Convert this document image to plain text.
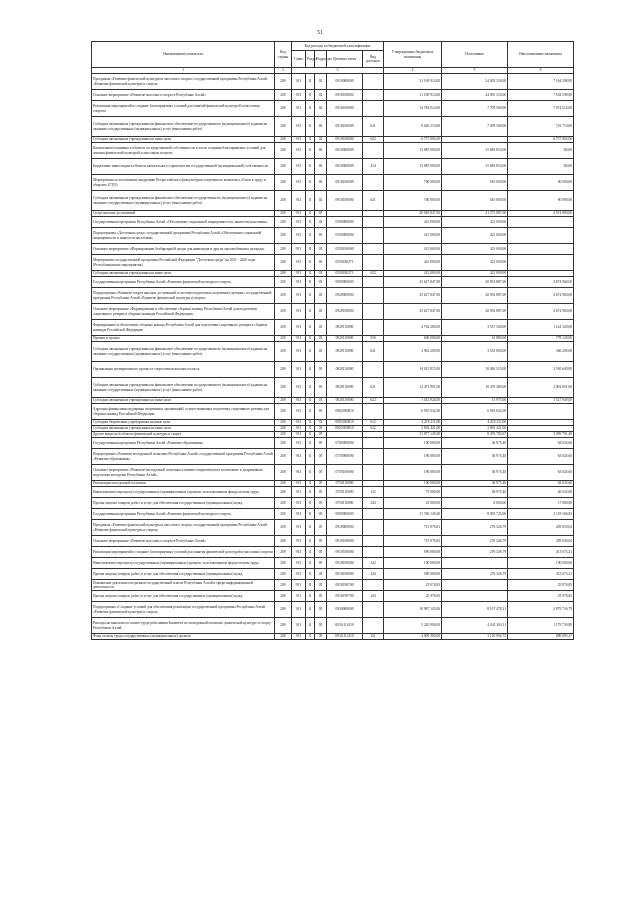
51
Наименование показателя	Код строки	Код расхода по бюджетной классификации					Утвержденные бюджетные назначения	Исполнение	Неисполненные назначения
		Глава	Раздел	Подраздел	Целевая статья	Вид расходов			
1	2	3					4	5	6
Программа «Развитие физической культуры и массового спорта» государственной программы Республики Алтай «Развитие физической культуры и спорта»	200	913	11	02	0910000000		31 169 914,00	24 005 316,00	7 164 598,00
Основное мероприятие «Развитие массового спорта в Республике Алтай»	200	913	11	02	0910100000		31 169 914,00	24 005 316,00	7 164 598,00
Реализация мероприятий и создание благоприятных условий для занятий физической культурой и массовым спортом	200	913	11	02	0910100000		14 784 014,00	7 709 500,00	7 074 514,00
Субсидии автономным учреждениям на финансовое обеспечение государственного (муниципального) задания на оказание государственных (муниципальных) услуг (выполнение работ)	200	913	11	02	0910100000	621	8 026 210,00	7 309 500,00	716 710,00
Субсидии автономным учреждениям на иные цели	200	913	11	02	0910100000	622	6 757 804,00		6 757 804,00
Капитальные вложения в объекты государственной собственности в части создания благоприятных условий для занятия физической культурой и массовым спортом	200	913	11	02	0910000000		15 685 900,00	15 685 816,00	84,00
Бюджетные инвестиции в объекты капитального строительства государственной (муниципальной) собственности	200	913	11	02	0910000000	414	15 685 900,00	15 685 816,00	84,00
Мероприятия по поэтапному внедрению Всероссийского физкультурно-спортивного комплекса «Готов к труду и обороне» (ГТО)	200	913	11	02	0910100000		700 000,00	610 000,00	90 000,00
Субсидии автономным учреждениям на финансовое обеспечение государственного (муниципального) задания на оказание государственных (муниципальных) услуг (выполнение работ)	200	913	11	02	0910100000	621	700 000,00	610 000,00	90 000,00
Спорт высших достижений	200	913	11	03			26 048 847,00	21 373 887,00	4 674 960,00
Государственная программа Республики Алтай «Обеспечение социальной защищенности и занятости населения»	200	913	11	03	0500000000		421 000,00	421 000,00	-
Подпрограмма «Доступная среда» государственной программы Республики Алтай «Обеспечение социальной защищенности и занятости населения»	200	913	11	03	0550000000		421 000,00	421 000,00	-
Основное мероприятие «Формирование безбарьерной среды для инвалидов и других маломобильных граждан»	200	913	11	03	0550100000		421 000,00	421 000,00	-
Мероприятия государственной программы Российской Федерации "Доступная среда" на 2011 - 2020 годы (Республиканские мероприятия)	200	913	11	03	0550180271		421 000,00	421 000,00	-
Субсидии автономным учреждениям на иные цели	200	913	11	03	0550180271	622	421 000,00	421 000,00	-
Государственная программа Республики Алтай «Развитие физической культуры и спорта»	200	913	11	03	0900000000		25 627 847,00	20 952 887,00	4 674 960,00
Подпрограмма «Развитие спорта высших достижений и системы подготовки спортивного резерва» государственной программы Республики Алтай «Развитие физической культуры и спорта»	200	913	11	03	0920000000		25 627 847,00	20 952 887,00	4 674 960,00
Основное мероприятие «Формирование и обеспечение сборных команд Республики Алтай для подготовки спортивного резерва в сборные команды Российской Федерации»	200	913	11	03	0920100000		25 627 847,00	20 952 887,00	4 674 960,00
Формирование и обеспечение сборных команд Республики Алтай для подготовки спортивного резерва в сборные команды Российской Федерации	200	913	11	03	0920110000		4 762 280,00	3 557 540,00	1 144 320,00
Премии и гранты	200	913	11	03	0920110000	350	600 000,00	61 880,00	778 120,00
Субсидии автономным учреждениям на финансовое обеспечение государственного (муниципального) задания на оказание государственных (муниципальных) услуг (выполнение работ)	200	913	11	03	0920110000	621	3 962 200,00	3 535 600,00	366 200,00
Организация тренировочного процесса спортсменов высокого класса	200	913	11	03	0920110000		14 015 915,00	10 484 315,00	3 530 640,00
Субсидии автономным учреждениям на финансовое обеспечение государственного (муниципального) задания на оказание государственных (муниципальных) услуг (выполнение работ)	200	913	11	03	0920110000	621	12 473 991,00	10 470 400,00	2 002 691,00
Субсидии автономным учреждениям на иные цели	200	913	11	03	0920110000	622	1 541 924,00	13 975,00	1 527 949,00
Адресная финансовая поддержка спортивных организаций, осуществляющих подготовку спортивного резерва для сборных команд Российской Федерации	200	913	11	03	09201R0810		6 910 032,00	6 910 032,00	-
Субсидии бюджетным учреждениям на иные цели	200	913	11	03	09201R0810	612	4 218 211,00	4 218 211,00	-
Субсидии автономным учреждениям на иные цели	200	913	11	03	09201R0810	622	2 692 421,00	2 692 421,00	-
Другие вопросы в области физической культуры и спорта	200	913	11	05			31 877 145,00	8 476 782,67	3 399 791,49
Государственная программа Республики Алтай «Развитие образования»	200	913	11	05	0700000000		100 000,00	36 975,40	63 024,60
Подпрограмма «Развитие молодежной политики Республики Алтай» государственной программы Республики Алтай «Развитие образования»	200	913	11	05	0750000000		100 000,00	36 975,40	63 024,60
Основное мероприятие «Развитие молодежной политики и военно-патриотическое воспитание и допризывная подготовка молодежи Республики Алтай»	200	913	11	05	0750100000		100 000,00	36 975,40	63 024,60
Реализация молодежной политики	200	913	11	05	0750110000		100 000,00	36 975,40	63 024,60
Иные выплаты персоналу государственных (муниципальных) органов, за исключением фонда оплаты труда	200	913	11	05	0750110000	122	75 000,00	28 975,40	46 024,60
Прочая закупка товаров, работ и услуг для обеспечения государственных (муниципальных) нужд	200	913	11	05	0750110000	244	25 000,00	8 000,00	17 000,00
Государственная программа Республики Алтай «Развитие физической культуры и спорта»	200	913	11	05	0900000000		31 760 145,00	8 383 725,00	3 119 166,83
Программа «Развитие физической культуры и массового спорта» государственной программы Республики Алтай «Развитие физической культуры и спорта»	200	913	11	05	0910000000		715 976,81	276 326,79	439 650,04
Основное мероприятие «Развитие массового спорта в Республике Алтай»	200	913	11	05	0910100000		715 976,83	276 326,79	439 650,04
Реализация мероприятий и создание благоприятных условий для занятия физической культурой и массовым спортом	200	913	11	05	0910100000		690 000,00	276 326,79	413 673,21
Иные выплаты персоналу государственных (муниципальных) органов, за исключением фонда оплаты труда	200	913	11	05	0910100000	122	100 000,00		100 000,00
Прочая закупка товаров, работ и услуг для обеспечения государственных (муниципальных) нужд	200	913	11	05	0910100000	244	590 000,00	276 326,79	313 673,21
Повышение деятельности органов государственной власти Республики Алтай в сфере информационной деятельности	200	913	11	05	0910198700		25 976,83		25 976,83
Прочая закупка товаров, работ и услуг для обеспечения государственных (муниципальных) нужд	200	913	11	05	0910198700	244	25 976,83		25 976,83
Подпрограмма «Создание условий для обеспечения реализации государственной программы Республики Алтай «Развитие физической культуры и спорта»	200	913	11	05	0930000000		10 987 145,00	8 107 478,21	2 879 716,79
Расходы на выплаты по оплате труда работников Комитета по молодежной политике, физической культуре и спорту Республики Алтай	200	913	11	05	093А114110		5 220 994,00	4 041 163,11	1 179 730,89
Фонд оплаты труда государственных (муниципальных) органов	200	913	11	05	093А114110	121	4 009 300,00	3 120 094,73	889 805,27
